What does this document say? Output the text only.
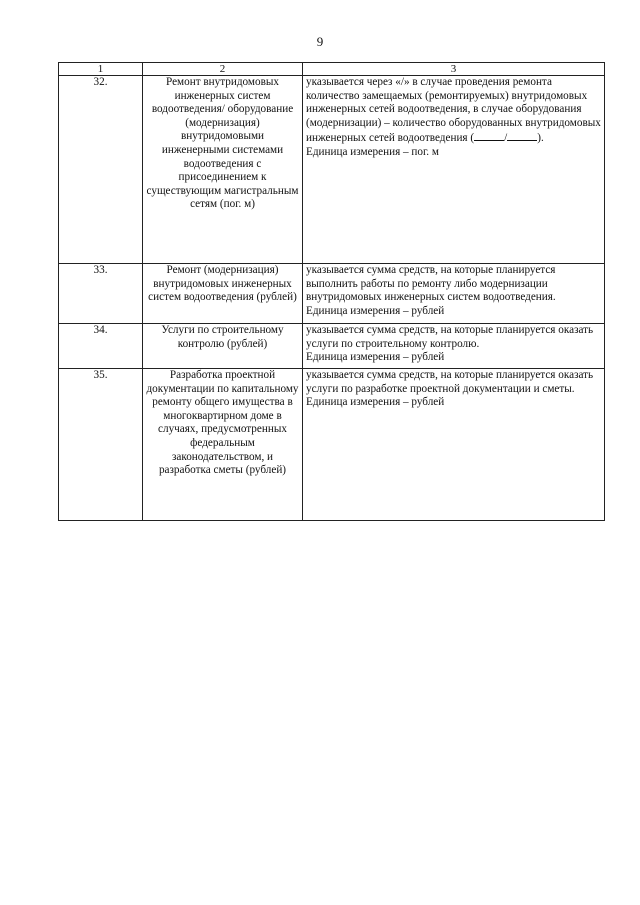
9
1	2	3
32.	Ремонт внутридомовых инженерных систем водоотведения/ оборудование (модернизация) внутридомовыми инженерными системами водоотведения с присоединением к существующим магистральным сетям (пог. м)	указывается через «/» в случае проведения ремонта количество замещаемых (ремонтируемых) внутридомовых инженерных сетей водоотведения, в случае оборудования (модернизации) – количество оборудованных внутридомовых инженерных сетей водоотведения ( / ).
Единица измерения – пог. м
33.	Ремонт (модернизация) внутридомовых инженерных систем водоотведения (рублей)	указывается сумма средств, на которые планируется выполнить работы по ремонту либо модернизации внутридомовых инженерных систем водоотведения.
Единица измерения – рублей
34.	Услуги по строительному контролю (рублей)	указывается сумма средств, на которые планируется оказать услуги по строительному контролю.
Единица измерения – рублей
35.	Разработка проектной документации по капитальному ремонту общего имущества в многоквартирном доме в случаях, предусмотренных федеральным законодательством, и разработка сметы (рублей)	указывается сумма средств, на которые планируется оказать услуги по разработке проектной документации и сметы. Единица измерения – рублей
